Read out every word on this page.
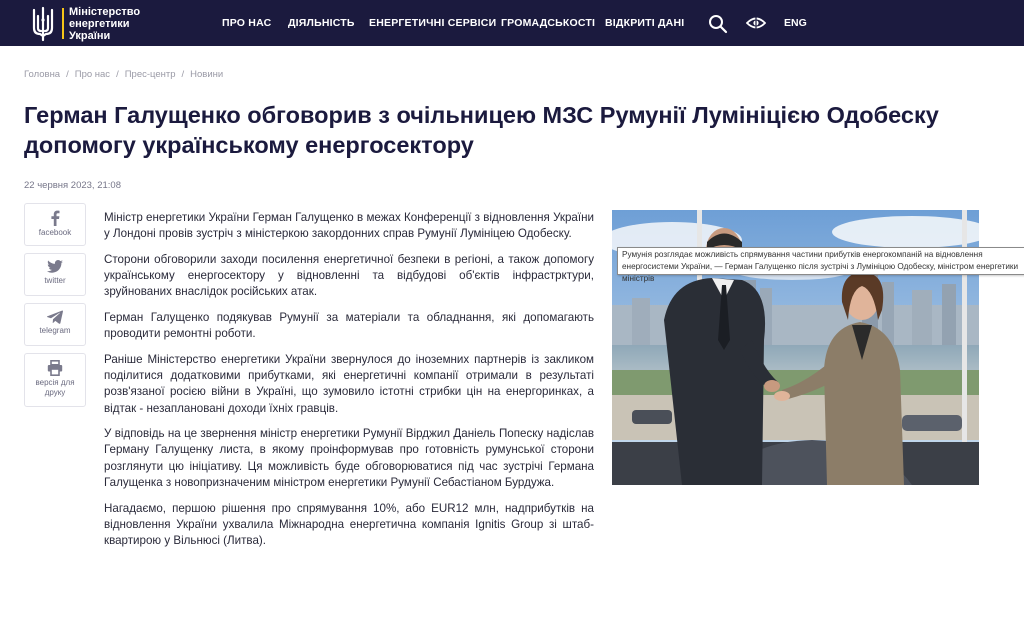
Міністерство
енергетики
України
ПРО НАС ДІЯЛЬНІСТЬ ЕНЕРГЕТИЧНІ СЕРВІСИ ГРОМАДСЬКОСТІ ВІДКРИТІ ДАНІ	ENG
Головна / Про нас / Прес-центр / Новини
Герман Галущенко обговорив з очільницею МЗС Румунії Лумініцією Одобеску допомогу українському енергосектору
22 червня 2023, 21:08
facebook
twitter
telegram
версія для друку

Міністр енергетики України Герман Галущенко в межах Конференції з відновлення України у Лондоні провів зустріч з міністеркою закордонних справ Румунії Лумініцею Одобеску.

Сторони обговорили заходи посилення енергетичної безпеки в регіоні, а також допомогу українському енергосектору у відновленні та відбудові об'єктів інфрастрктури, зруйнованих внаслідок російських атак.

Герман Галущенко подякував Румунії за матеріали та обладнання, які допомагають проводити ремонтні роботи.

Раніше Міністерство енергетики України звернулося до іноземних партнерів із закликом поділитися додатковими прибутками, які енергетичні компанії отримали в результаті розв'язаної росією війни в Україні, що зумовило істотні стрибки цін на енергоринках, а відтак - незаплановані доходи їхніх гравців.

У відповідь на це звернення міністр енергетики Румунії Вірджил Даніель Попеску надіслав Герману Галущенку листа, в якому проінформував про готовність румунської сторони розглянути цю ініціативу. Ця можливість буде обговорюватися під час зустрічі Германа Галущенка з новопризначеним міністром енергетики Румунії Себастіаном Бурдужа.

Нагадаємо, першою рішення про спрямування 10%, або EUR12 млн, надприбутків на відновлення України ухвалила Міжнародна енергетична компанія Ignitis Group зі штаб-квартирою у Вільнюсі (Литва).

Румунія розглядає можливість спрямування частини прибутків енергокомпаній на відновлення енергосистеми України, — Герман Галущенко після зустрічі з Лумініцою Одобеску, міністром енергетики міністрів
